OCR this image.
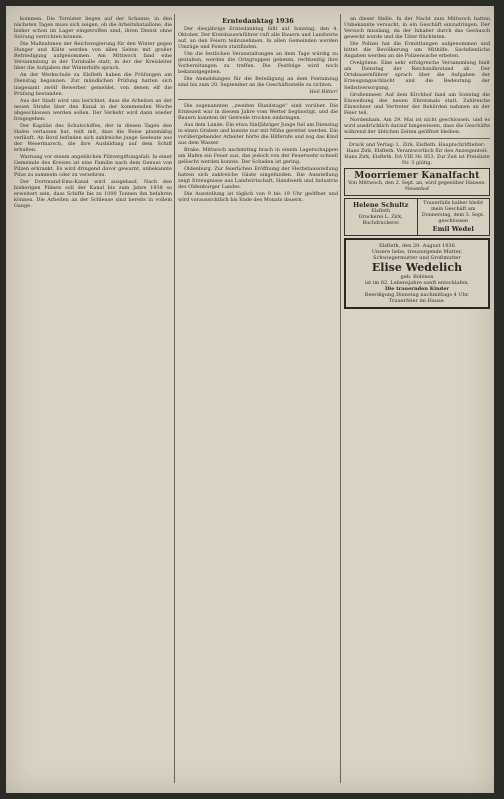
kommen. Die Tornister liegen auf der Schanze; in den nächsten Tagen muss sich zeigen, ob die Arbeitsbataillone, die bisher schon im Lager eingetroffen sind, ihren Dienst ohne Störung verrichten können.

Die Maßnahmen der Reichsregierung für den Winter gegen Hunger und Kälte werden von allen Seiten mit großer Befriedigung aufgenommen. Am Mittwoch fand eine Versammlung in der Turnhalle statt, in der der Kreisleiter über die Aufgaben der Winterhilfe sprach.

An der Werkschule zu Elsfleth haben die Prüfungen am Dienstag begonnen. Zur mündlichen Prüfung hatten sich insgesamt zwölf Bewerber gemeldet, von denen elf die Prüfung bestanden.

Aus der Stadt wird uns berichtet, dass die Arbeiten an der neuen Straße über den Kanal in der kommenden Woche abgeschlossen werden sollen. Der Verkehr wird dann wieder freigegeben.

Der Kapitän des Schulschiffes, der in diesen Tagen den Hafen verlassen hat, teilt mit, dass die Reise planmäßig verläuft. An Bord befinden sich zahlreiche junge Seeleute aus der Wesermarsch, die ihre Ausbildung auf dem Schiff erhalten.

Warnung vor einem angeblichen Pilzvergiftungsfall. In einer Gemeinde des Kreises ist eine Familie nach dem Genuss von Pilzen erkrankt. Es wird dringend davor gewarnt, unbekannte Pilze zu sammeln oder zu verzehren.

Der Dortmund-Ems-Kanal wird ausgebaut. Nach den bisherigen Plänen soll der Kanal bis zum Jahre 1938 so erweitert sein, dass Schiffe bis zu 1000 Tonnen ihn befahren können. Die Arbeiten an der Schleuse sind bereits in vollem Gange.

Erntedanktag 1936

Der diesjährige Erntedanktag fällt auf Sonntag, den 4. Oktober. Der Kreisbauernführer ruft alle Bauern und Landwirte auf, an den Feiern teilzunehmen. In allen Gemeinden werden Umzüge und Feiern stattfinden.

Um die festlichen Veranstaltungen an dem Tage würdig zu gestalten, werden die Ortsgruppen gebeten, rechtzeitig ihre Vorbereitungen zu treffen. Die Festfolge wird noch bekanntgegeben.

Die Anmeldungen für die Beteiligung an dem Festumzug sind bis zum 20. September an die Geschäftsstelle zu richten.

Heil Hitler!

Die sogenannten ,,zweiten Hundstage'' sind vorüber. Die Erntezeit war in diesem Jahre vom Wetter begünstigt, und die Bauern konnten ihr Getreide trocken einbringen.

Aus dem Lande. Ein etwa fünfjähriger Junge fiel am Dienstag in einen Graben und konnte nur mit Mühe gerettet werden. Ein vorübergehender Arbeiter hörte die Hilferufe und zog das Kind aus dem Wasser.

Brake. Mittwoch nachmittag brach in einem Lagerschuppen am Hafen ein Feuer aus, das jedoch von der Feuerwehr schnell gelöscht werden konnte. Der Schaden ist gering.

Oldenburg. Zur feierlichen Eröffnung der Herbstausstellung hatten sich zahlreiche Gäste eingefunden. Die Ausstellung zeigt Erzeugnisse aus Landwirtschaft, Handwerk und Industrie des Oldenburger Landes.

Die Ausstellung ist täglich von 9 bis 19 Uhr geöffnet und wird voraussichtlich bis Ende des Monats dauern.

an dieser Stelle. In der Nacht zum Mittwoch hatten Unbekannte versucht, in ein Geschäft einzudringen. Der Versuch misslang, da der Inhaber durch das Geräusch geweckt wurde und die Täter flüchteten.

Die Polizei hat die Ermittlungen aufgenommen und bittet die Bevölkerung um Mithilfe. Sachdienliche Angaben werden an die Polizeiwache erbeten.

Ovelgönne. Eine sehr erfolgreiche Versammlung hielt am Dienstag der Reichsnährstand ab. Der Ortsbauernführer sprach über die Aufgaben der Erzeugungsschlacht und die Bedeutung der Selbstversorgung.

Großenmeer. Auf dem Kirchhof fand am Sonntag die Einweihung des neuen Ehrenmals statt. Zahlreiche Einwohner und Vertreter der Behörden nahmen an der Feier teil.

Nordenham. Am 29. Mai ist nicht geschlossen, und es wird ausdrücklich darauf hingewiesen, dass die Geschäfte während der üblichen Zeiten geöffnet bleiben.

Druck und Verlag: L. Zirk, Elsfleth. Hauptschriftleiter: Hans Zirk, Elsfleth. Verantwortlich für den Anzeigenteil: Hans Zirk, Elsfleth. DA VIII 36: 853. Zur Zeit ist Preisliste Nr. 3 gültig.

Moorriemer Kanalfacht
Von Mittwoch, den 2. Sept. an, wird gegenüber Hansen, Neuenhof
Helene Schultz
Elsfleth
Druckerei L. Zirk, Buchdruckerei
Trauerfalls halber bleibt mein Geschäft am Donnerstag, dem 3. Sept. geschlossen
Emil Wedel
Elsfleth, den 29. August 1936
Unsere liebe, treusorgende Mutter, Schwiegermutter und Großmutter
Elise Wedelich
geb. Böhlsen
ist im 82. Lebensjahre sanft entschlafen.
Die trauernden Kinder
Beerdigung Dienstag nachmittags 4 Uhr. Trauerfeier im Hause.
